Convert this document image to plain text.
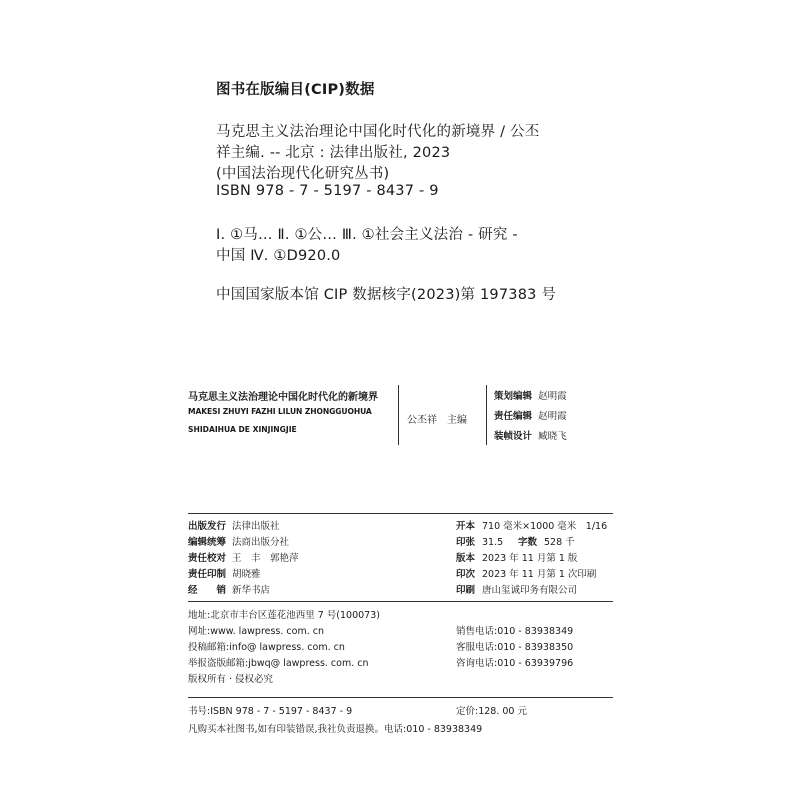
图书在版编目(CIP)数据
马克思主义法治理论中国化时代化的新境界 / 公丕
祥主编. -- 北京 : 法律出版社, 2023
(中国法治现代化研究丛书)
ISBN 978 - 7 - 5197 - 8437 - 9
Ⅰ. ①马… Ⅱ. ①公… Ⅲ. ①社会主义法治 - 研究 -
中国 Ⅳ. ①D920.0
中国国家版本馆 CIP 数据核字(2023)第 197383 号
马克思主义法治理论中国化时代化的新境界
MAKESI ZHUYI FAZHI LILUN ZHONGGUOHUA
SHIDAIHUA DE XINJINGJIE
公丕祥　主编
策划编辑 赵明霞
责任编辑 赵明霞
装帧设计 臧晓飞
出版发行 法律出版社
编辑统筹 法商出版分社
责任校对 王　丰　郭艳萍
责任印制 胡晓雅
经　　销 新华书店
开本 710 毫米×1000 毫米　1/16
印张 31.5 字数 528 千
版本 2023 年 11 月第 1 版
印次 2023 年 11 月第 1 次印刷
印刷 唐山玺诚印务有限公司
地址:北京市丰台区莲花池西里 7 号(100073)
网址:www. lawpress. com. cn
投稿邮箱:info@ lawpress. com. cn
举报盗版邮箱:jbwq@ lawpress. com. cn
版权所有 · 侵权必究
销售电话:010 - 83938349
客服电话:010 - 83938350
咨询电话:010 - 63939796
书号:ISBN 978 - 7 - 5197 - 8437 - 9	定价:128. 00 元
凡购买本社图书,如有印装错误,我社负责退换。电话:010 - 83938349
